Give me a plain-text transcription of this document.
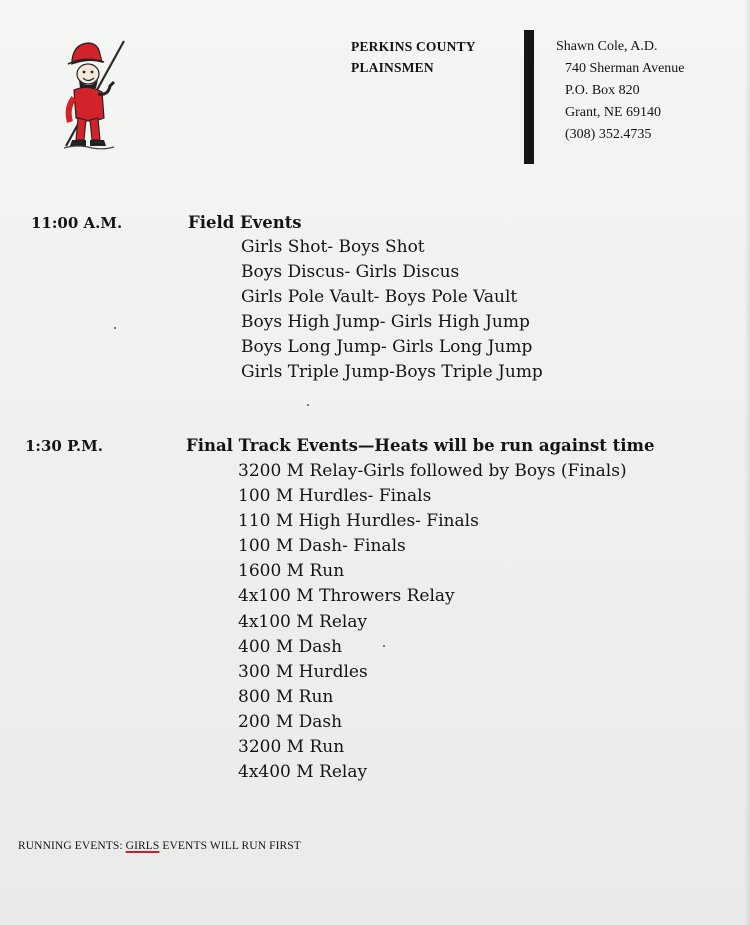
PERKINS COUNTY
PLAINSMEN
Shawn Cole, A.D.
740 Sherman Avenue
P.O. Box 820
Grant, NE 69140
(308) 352.4735
11:00 A.M.	Field Events
Girls Shot- Boys Shot
Boys Discus- Girls Discus
Girls Pole Vault- Boys Pole Vault
Boys High Jump- Girls High Jump
Boys Long Jump- Girls Long Jump
Girls Triple Jump-Boys Triple Jump
1:30 P.M.	Final Track Events—Heats will be run against time
3200 M Relay-Girls followed by Boys (Finals)
100 M Hurdles- Finals
110 M High Hurdles- Finals
100 M Dash- Finals
1600 M Run
4x100 M Throwers Relay
4x100 M Relay
400 M Dash
300 M Hurdles
800 M Run
200 M Dash
3200 M Run
4x400 M Relay
RUNNING EVENTS: GIRLS EVENTS WILL RUN FIRST
